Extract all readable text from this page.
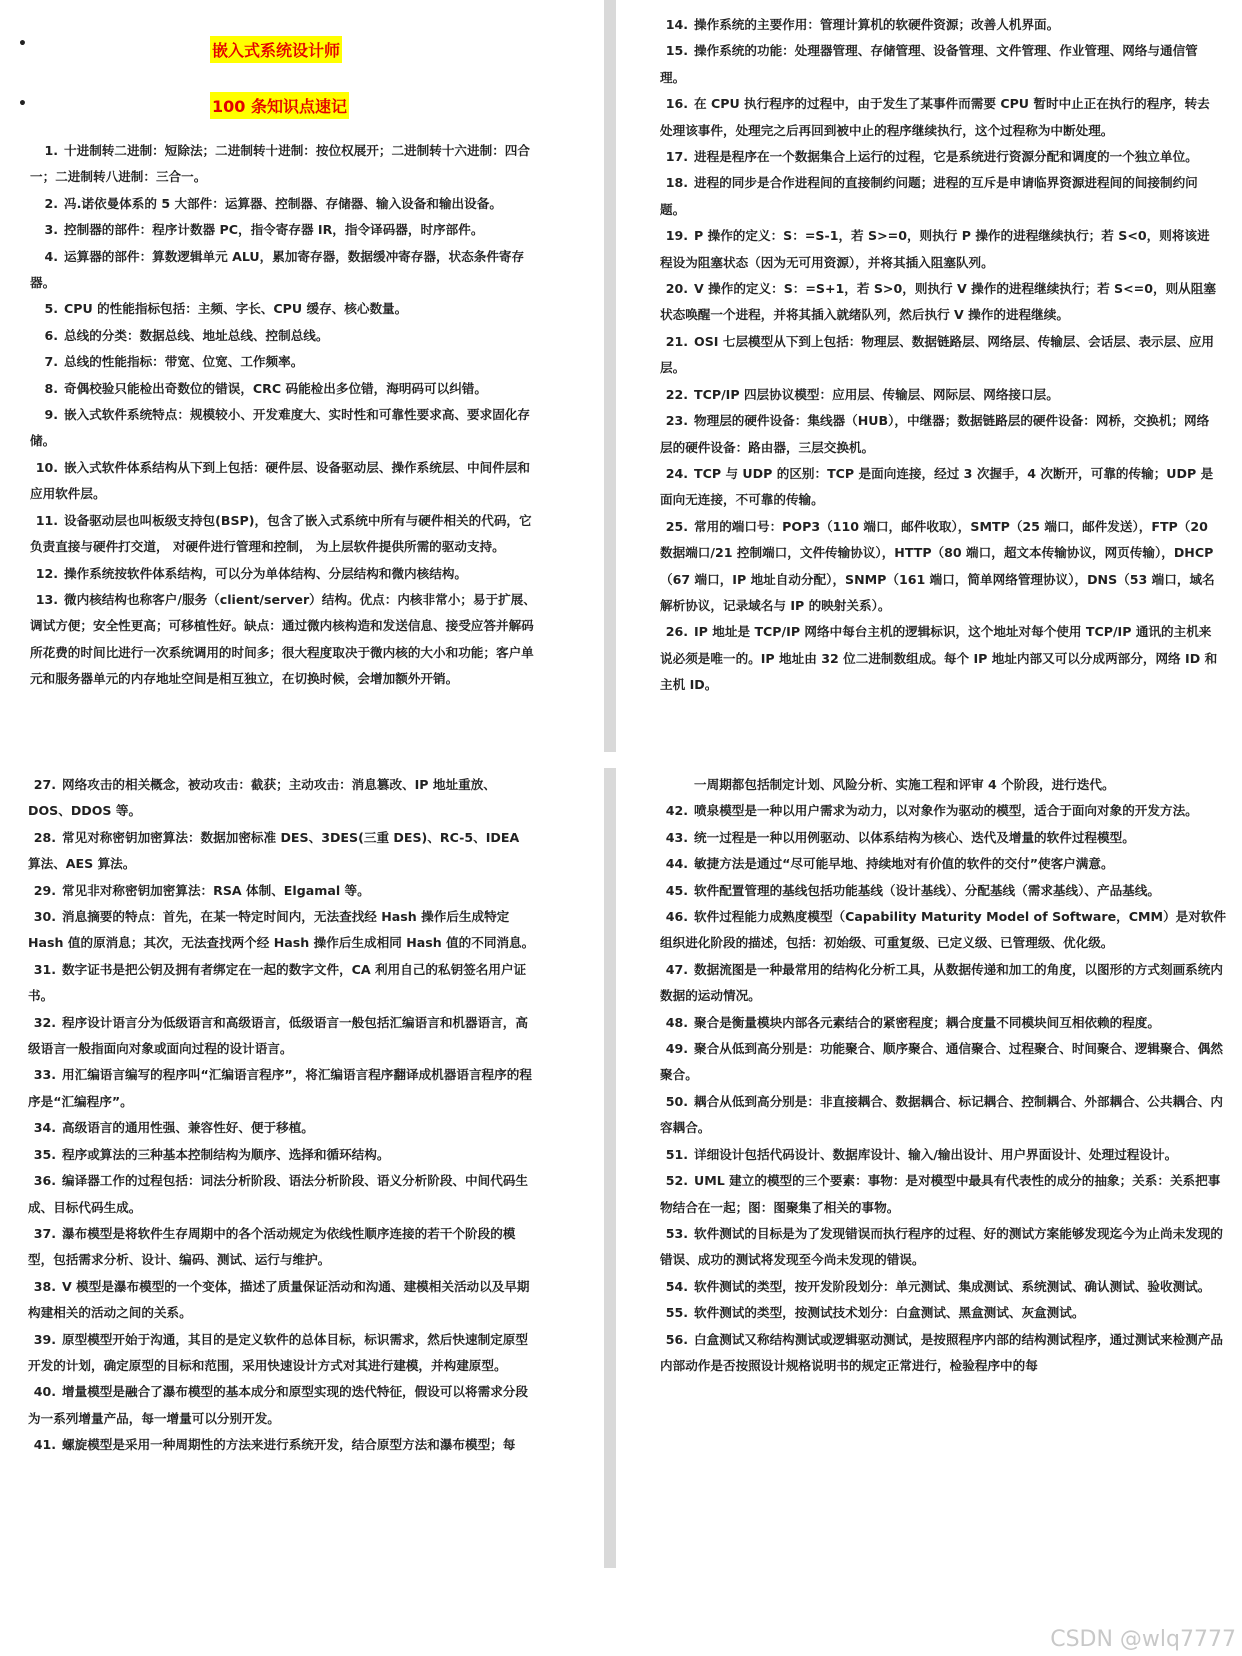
•
•
嵌入式系统设计师
100 条知识点速记
1. 十进制转二进制：短除法；二进制转十进制：按位权展开；二进制转十六进制：四合一；二进制转八进制：三合一。
2. 冯.诺依曼体系的 5 大部件：运算器、控制器、存储器、输入设备和输出设备。
3. 控制器的部件：程序计数器 PC，指令寄存器 IR，指令译码器，时序部件。
4. 运算器的部件：算数逻辑单元 ALU，累加寄存器，数据缓冲寄存器，状态条件寄存器。
5. CPU 的性能指标包括：主频、字长、CPU 缓存、核心数量。
6. 总线的分类：数据总线、地址总线、控制总线。
7. 总线的性能指标：带宽、位宽、工作频率。
8. 奇偶校验只能检出奇数位的错误，CRC 码能检出多位错，海明码可以纠错。
9. 嵌入式软件系统特点：规模较小、开发难度大、实时性和可靠性要求高、要求固化存储。
10. 嵌入式软件体系结构从下到上包括：硬件层、设备驱动层、操作系统层、中间件层和应用软件层。
11. 设备驱动层也叫板级支持包(BSP)，包含了嵌入式系统中所有与硬件相关的代码，它负责直接与硬件打交道， 对硬件进行管理和控制， 为上层软件提供所需的驱动支持。
12. 操作系统按软件体系结构，可以分为单体结构、分层结构和微内核结构。
13. 微内核结构也称客户/服务（client/server）结构。优点：内核非常小；易于扩展、调试方便；安全性更高；可移植性好。缺点：通过微内核构造和发送信息、接受应答并解码所花费的时间比进行一次系统调用的时间多；很大程度取决于微内核的大小和功能；客户单元和服务器单元的内存地址空间是相互独立，在切换时候，会增加额外开销。
14. 操作系统的主要作用：管理计算机的软硬件资源；改善人机界面。
15. 操作系统的功能：处理器管理、存储管理、设备管理、文件管理、作业管理、网络与通信管理。
16. 在 CPU 执行程序的过程中，由于发生了某事件而需要 CPU 暂时中止正在执行的程序，转去处理该事件，处理完之后再回到被中止的程序继续执行，这个过程称为中断处理。
17. 进程是程序在一个数据集合上运行的过程，它是系统进行资源分配和调度的一个独立单位。
18. 进程的同步是合作进程间的直接制约问题；进程的互斥是申请临界资源进程间的间接制约问题。
19. P 操作的定义：S：=S-1，若 S>=0，则执行 P 操作的进程继续执行；若 S<0，则将该进程设为阻塞状态（因为无可用资源），并将其插入阻塞队列。
20. V 操作的定义：S：=S+1，若 S>0，则执行 V 操作的进程继续执行；若 S<=0，则从阻塞状态唤醒一个进程，并将其插入就绪队列，然后执行 V 操作的进程继续。
21. OSI 七层模型从下到上包括：物理层、数据链路层、网络层、传输层、会话层、表示层、应用层。
22. TCP/IP 四层协议模型：应用层、传输层、网际层、网络接口层。
23. 物理层的硬件设备：集线器（HUB），中继器；数据链路层的硬件设备：网桥，交换机；网络层的硬件设备：路由器，三层交换机。
24. TCP 与 UDP 的区别：TCP 是面向连接，经过 3 次握手，4 次断开，可靠的传输；UDP 是面向无连接，不可靠的传输。
25. 常用的端口号：POP3（110 端口，邮件收取），SMTP（25 端口，邮件发送），FTP（20 数据端口/21 控制端口，文件传输协议），HTTP（80 端口，超文本传输协议，网页传输），DHCP（67 端口，IP 地址自动分配），SNMP（161 端口，简单网络管理协议），DNS（53 端口，域名解析协议，记录域名与 IP 的映射关系）。
26. IP 地址是 TCP/IP 网络中每台主机的逻辑标识，这个地址对每个使用 TCP/IP 通讯的主机来说必须是唯一的。IP 地址由 32 位二进制数组成。每个 IP 地址内部又可以分成两部分，网络 ID 和主机 ID。
27. 网络攻击的相关概念，被动攻击：截获；主动攻击：消息篡改、IP 地址重放、DOS、DDOS 等。
28. 常见对称密钥加密算法：数据加密标准 DES、3DES(三重 DES)、RC-5、IDEA 算法、AES 算法。
29. 常见非对称密钥加密算法：RSA 体制、Elgamal 等。
30. 消息摘要的特点：首先，在某一特定时间内，无法查找经 Hash 操作后生成特定 Hash 值的原消息；其次，无法查找两个经 Hash 操作后生成相同 Hash 值的不同消息。
31. 数字证书是把公钥及拥有者绑定在一起的数字文件，CA 利用自己的私钥签名用户证书。
32. 程序设计语言分为低级语言和高级语言，低级语言一般包括汇编语言和机器语言，高级语言一般指面向对象或面向过程的设计语言。
33. 用汇编语言编写的程序叫“汇编语言程序”，将汇编语言程序翻译成机器语言程序的程序是“汇编程序”。
34. 高级语言的通用性强、兼容性好、便于移植。
35. 程序或算法的三种基本控制结构为顺序、选择和循环结构。
36. 编译器工作的过程包括：词法分析阶段、语法分析阶段、语义分析阶段、中间代码生成、目标代码生成。
37. 瀑布模型是将软件生存周期中的各个活动规定为依线性顺序连接的若干个阶段的模型，包括需求分析、设计、编码、测试、运行与维护。
38. V 模型是瀑布模型的一个变体，描述了质量保证活动和沟通、建模相关活动以及早期构建相关的活动之间的关系。
39. 原型模型开始于沟通，其目的是定义软件的总体目标，标识需求，然后快速制定原型开发的计划，确定原型的目标和范围，采用快速设计方式对其进行建模，并构建原型。
40. 增量模型是融合了瀑布模型的基本成分和原型实现的迭代特征，假设可以将需求分段为一系列增量产品，每一增量可以分别开发。
41. 螺旋模型是采用一种周期性的方法来进行系统开发，结合原型方法和瀑布模型；每
一周期都包括制定计划、风险分析、实施工程和评审 4 个阶段，进行迭代。
42. 喷泉模型是一种以用户需求为动力，以对象作为驱动的模型，适合于面向对象的开发方法。
43. 统一过程是一种以用例驱动、以体系结构为核心、迭代及增量的软件过程模型。
44. 敏捷方法是通过“尽可能早地、持续地对有价值的软件的交付”使客户满意。
45. 软件配置管理的基线包括功能基线（设计基线）、分配基线（需求基线）、产品基线。
46. 软件过程能力成熟度模型（Capability Maturity Model of Software，CMM）是对软件组织进化阶段的描述，包括：初始级、可重复级、已定义级、已管理级、优化级。
47. 数据流图是一种最常用的结构化分析工具，从数据传递和加工的角度，以图形的方式刻画系统内数据的运动情况。
48. 聚合是衡量模块内部各元素结合的紧密程度；耦合度量不同模块间互相依赖的程度。
49. 聚合从低到高分别是：功能聚合、顺序聚合、通信聚合、过程聚合、时间聚合、逻辑聚合、偶然聚合。
50. 耦合从低到高分别是：非直接耦合、数据耦合、标记耦合、控制耦合、外部耦合、公共耦合、内容耦合。
51. 详细设计包括代码设计、数据库设计、输入/输出设计、用户界面设计、处理过程设计。
52. UML 建立的模型的三个要素：事物：是对模型中最具有代表性的成分的抽象；关系：关系把事物结合在一起；图：图聚集了相关的事物。
53. 软件测试的目标是为了发现错误而执行程序的过程、好的测试方案能够发现迄今为止尚未发现的错误、成功的测试将发现至今尚未发现的错误。
54. 软件测试的类型，按开发阶段划分：单元测试、集成测试、系统测试、确认测试、验收测试。
55. 软件测试的类型，按测试技术划分：白盒测试、黑盒测试、灰盒测试。
56. 白盒测试又称结构测试或逻辑驱动测试，是按照程序内部的结构测试程序，通过测试来检测产品内部动作是否按照设计规格说明书的规定正常进行，检验程序中的每
CSDN @wlq7777
